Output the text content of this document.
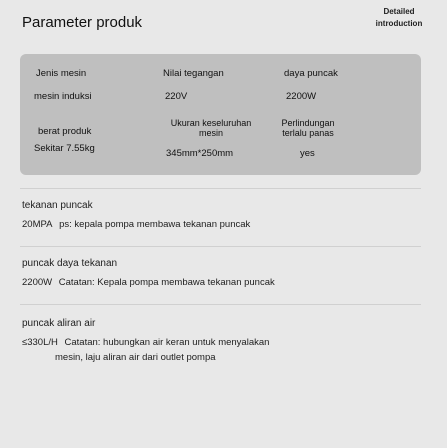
Parameter produk
Detailed
introduction
Jenis mesin
mesin induksi
Nilai tegangan
220V
daya puncak
2200W
berat produk
Sekitar 7.55kg
Ukuran keseluruhan
mesin
345mm*250mm
Perlindungan
terlalu panas
yes
tekanan puncak
20MPA ps: kepala pompa membawa tekanan puncak
puncak daya tekanan
2200W Catatan: Kepala pompa membawa tekanan puncak
puncak aliran air
≤330L/H Catatan: hubungkan air keran untuk menyalakan
mesin, laju aliran air dari outlet pompa
